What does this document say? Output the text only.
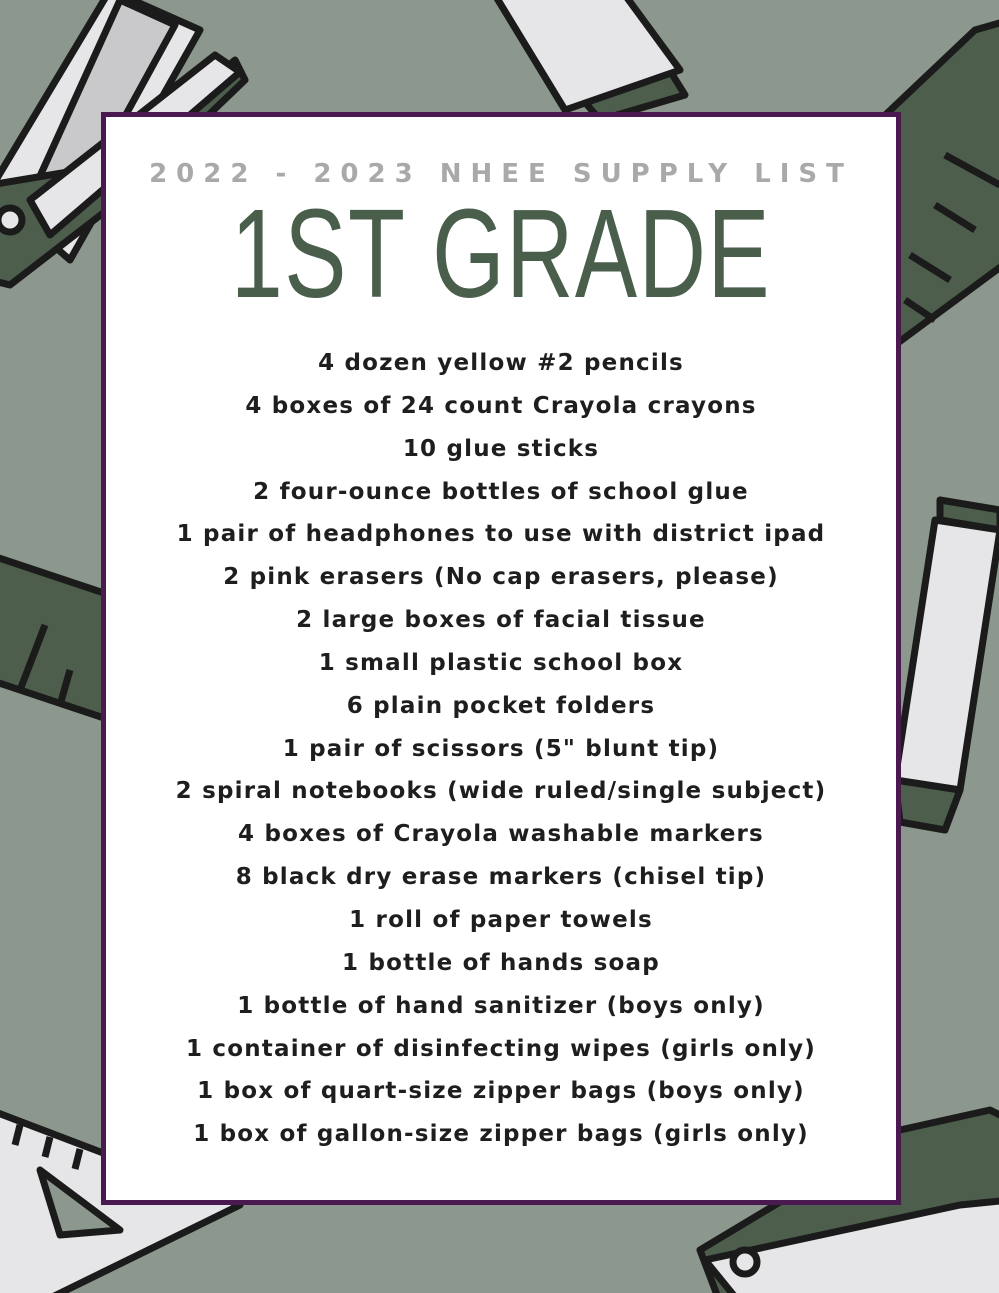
2022 - 2023 NHEE SUPPLY LIST
1ST GRADE
4 dozen yellow #2 pencils
4 boxes of 24 count Crayola crayons
10 glue sticks
2 four-ounce bottles of school glue
1 pair of headphones to use with district ipad
2 pink erasers (No cap erasers, please)
2 large boxes of facial tissue
1 small plastic school box
6 plain pocket folders
1 pair of scissors (5" blunt tip)
2 spiral notebooks (wide ruled/single subject)
4 boxes of Crayola washable markers
8 black dry erase markers (chisel tip)
1 roll of paper towels
1 bottle of hands soap
1 bottle of hand sanitizer (boys only)
1 container of disinfecting wipes (girls only)
1 box of quart-size zipper bags (boys only)
1 box of gallon-size zipper bags (girls only)
